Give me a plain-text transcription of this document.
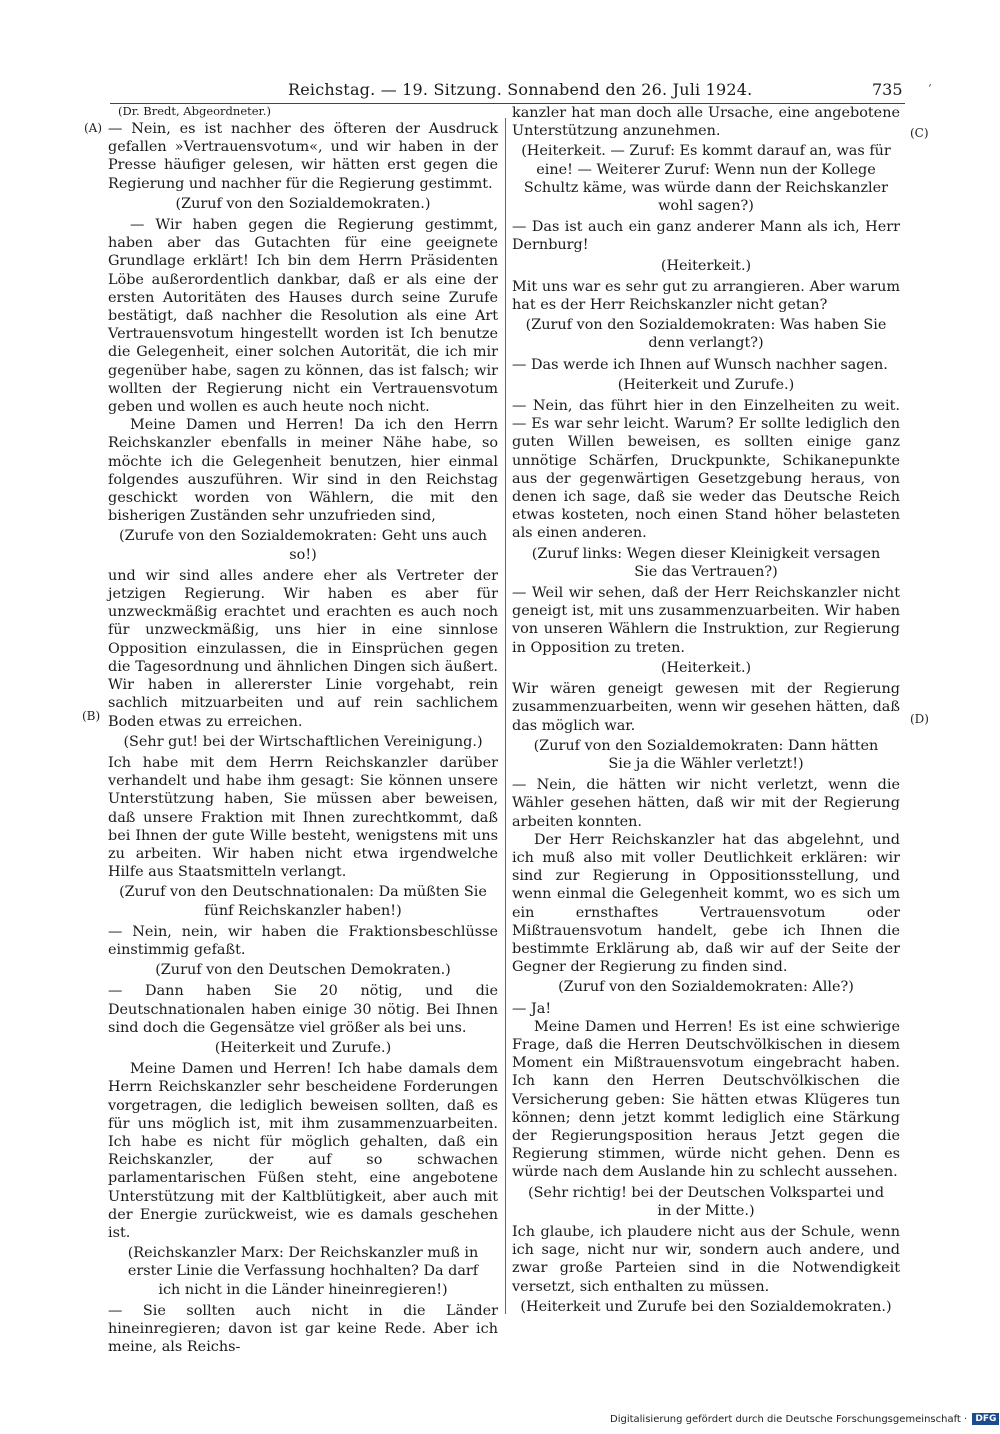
Reichstag. — 19. Sitzung. Sonnabend den 26. Juli 1924.	735 ’
(A)
(B)
(C)
(D)

(Dr. Bredt, Abgeordneter.)

— Nein, es ist nachher des öfteren der Ausdruck gefallen »Vertrauensvotum«, und wir haben in der Presse häufiger gelesen, wir hätten erst gegen die Regierung und nachher für die Regierung gestimmt.

(Zuruf von den Sozialdemokraten.)

— Wir haben gegen die Regierung gestimmt, haben aber das Gutachten für eine geeignete Grundlage erklärt! Ich bin dem Herrn Präsidenten Löbe außerordentlich dankbar, daß er als eine der ersten Autoritäten des Hauses durch seine Zurufe bestätigt, daß nachher die Resolution als eine Art Vertrauensvotum hingestellt worden ist Ich benutze die Gelegenheit, einer solchen Autorität, die ich mir gegenüber habe, sagen zu können, das ist falsch; wir wollten der Regierung nicht ein Vertrauensvotum geben und wollen es auch heute noch nicht.

Meine Damen und Herren! Da ich den Herrn Reichskanzler ebenfalls in meiner Nähe habe, so möchte ich die Gelegenheit benutzen, hier einmal folgendes auszuführen. Wir sind in den Reichstag geschickt worden von Wählern, die mit den bisherigen Zuständen sehr unzufrieden sind,

(Zurufe von den Sozialdemokraten: Geht uns auch so!)

und wir sind alles andere eher als Vertreter der jetzigen Regierung. Wir haben es aber für unzweckmäßig erachtet und erachten es auch noch für unzweckmäßig, uns hier in eine sinnlose Opposition einzulassen, die in Einsprüchen gegen die Tagesordnung und ähnlichen Dingen sich äußert. Wir haben in allererster Linie vorgehabt, rein sachlich mitzuarbeiten und auf rein sachlichem Boden etwas zu erreichen.

(Sehr gut! bei der Wirtschaftlichen Vereinigung.)

Ich habe mit dem Herrn Reichskanzler darüber verhandelt und habe ihm gesagt: Sie können unsere Unterstützung haben, Sie müssen aber beweisen, daß unsere Fraktion mit Ihnen zurechtkommt, daß bei Ihnen der gute Wille besteht, wenigstens mit uns zu arbeiten. Wir haben nicht etwa irgendwelche Hilfe aus Staatsmitteln verlangt.

(Zuruf von den Deutschnationalen: Da müßten Sie fünf Reichskanzler haben!)

— Nein, nein, wir haben die Fraktionsbeschlüsse einstimmig gefaßt.

(Zuruf von den Deutschen Demokraten.)

— Dann haben Sie 20 nötig, und die Deutschnationalen haben einige 30 nötig. Bei Ihnen sind doch die Gegensätze viel größer als bei uns.

(Heiterkeit und Zurufe.)

Meine Damen und Herren! Ich habe damals dem Herrn Reichskanzler sehr bescheidene Forderungen vorgetragen, die lediglich beweisen sollten, daß es für uns möglich ist, mit ihm zusammenzuarbeiten. Ich habe es nicht für möglich gehalten, daß ein Reichskanzler, der auf so schwachen parlamentarischen Füßen steht, eine angebotene Unterstützung mit der Kaltblütigkeit, aber auch mit der Energie zurückweist, wie es damals geschehen ist.

(Reichskanzler Marx: Der Reichskanzler muß in erster Linie die Verfassung hochhalten? Da darf ich nicht in die Länder hineinregieren!)

— Sie sollten auch nicht in die Länder hineinregieren; davon ist gar keine Rede. Aber ich meine, als Reichs-

kanzler hat man doch alle Ursache, eine angebotene Unterstützung anzunehmen.

(Heiterkeit. — Zuruf: Es kommt darauf an, was für eine! — Weiterer Zuruf: Wenn nun der Kollege Schultz käme, was würde dann der Reichskanzler wohl sagen?)

— Das ist auch ein ganz anderer Mann als ich, Herr Dernburg!

(Heiterkeit.)

Mit uns war es sehr gut zu arrangieren. Aber warum hat es der Herr Reichskanzler nicht getan?

(Zuruf von den Sozialdemokraten: Was haben Sie denn verlangt?)

— Das werde ich Ihnen auf Wunsch nachher sagen.

(Heiterkeit und Zurufe.)

— Nein, das führt hier in den Einzelheiten zu weit. — Es war sehr leicht. Warum? Er sollte lediglich den guten Willen beweisen, es sollten einige ganz unnötige Schärfen, Druckpunkte, Schikanepunkte aus der gegenwärtigen Gesetzgebung heraus, von denen ich sage, daß sie weder das Deutsche Reich etwas kosteten, noch einen Stand höher belasteten als einen anderen.

(Zuruf links: Wegen dieser Kleinigkeit versagen Sie das Vertrauen?)

— Weil wir sehen, daß der Herr Reichskanzler nicht geneigt ist, mit uns zusammenzuarbeiten. Wir haben von unseren Wählern die Instruktion, zur Regierung in Opposition zu treten.

(Heiterkeit.)

Wir wären geneigt gewesen mit der Regierung zusammenzuarbeiten, wenn wir gesehen hätten, daß das möglich war.

(Zuruf von den Sozialdemokraten: Dann hätten Sie ja die Wähler verletzt!)

— Nein, die hätten wir nicht verletzt, wenn die Wähler gesehen hätten, daß wir mit der Regierung arbeiten konnten.

Der Herr Reichskanzler hat das abgelehnt, und ich muß also mit voller Deutlichkeit erklären: wir sind zur Regierung in Oppositionsstellung, und wenn einmal die Gelegenheit kommt, wo es sich um ein ernsthaftes Vertrauensvotum oder Mißtrauensvotum handelt, gebe ich Ihnen die bestimmte Erklärung ab, daß wir auf der Seite der Gegner der Regierung zu finden sind.

(Zuruf von den Sozialdemokraten: Alle?)

— Ja!

Meine Damen und Herren! Es ist eine schwierige Frage, daß die Herren Deutschvölkischen in diesem Moment ein Mißtrauensvotum eingebracht haben. Ich kann den Herren Deutschvölkischen die Versicherung geben: Sie hätten etwas Klügeres tun können; denn jetzt kommt lediglich eine Stärkung der Regierungsposition heraus Jetzt gegen die Regierung stimmen, würde nicht gehen. Denn es würde nach dem Auslande hin zu schlecht aussehen.

(Sehr richtig! bei der Deutschen Volkspartei und in der Mitte.)

Ich glaube, ich plaudere nicht aus der Schule, wenn ich sage, nicht nur wir, sondern auch andere, und zwar große Parteien sind in die Notwendigkeit versetzt, sich enthalten zu müssen.

(Heiterkeit und Zurufe bei den Sozialdemokraten.)

Digitalisierung gefördert durch die Deutsche Forschungsgemeinschaft · DFG
